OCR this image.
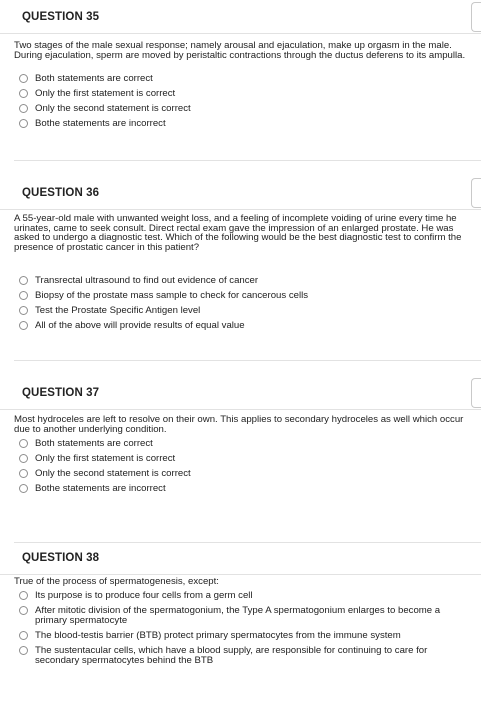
QUESTION 35
Two stages of the male sexual response; namely arousal and ejaculation, make up orgasm in the male. During ejaculation, sperm are moved by peristaltic contractions through the ductus deferens to its ampulla.
Both statements are correct
Only the first statement is correct
Only the second statement is correct
Bothe statements are incorrect
QUESTION 36
A 55-year-old male with unwanted weight loss, and a feeling of incomplete voiding of urine every time he urinates, came to seek consult. Direct rectal exam gave the impression of an enlarged prostate. He was asked to undergo a diagnostic test. Which of the following would be the best diagnostic test to confirm the presence of prostatic cancer in this patient?
Transrectal ultrasound to find out evidence of cancer
Biopsy of the prostate mass sample to check for cancerous cells
Test the Prostate Specific Antigen level
All of the above will provide results of equal value
QUESTION 37
Most hydroceles are left to resolve on their own. This applies to secondary hydroceles as well which occur due to another underlying condition.
Both statements are correct
Only the first statement is correct
Only the second statement is correct
Bothe statements are incorrect
QUESTION 38
True of the process of spermatogenesis, except:
Its purpose is to produce four cells from a germ cell
After mitotic division of the spermatogonium, the Type A spermatogonium enlarges to become a primary spermatocyte
The blood-testis barrier (BTB) protect primary spermatocytes from the immune system
The sustentacular cells, which have a blood supply, are responsible for continuing to care for secondary spermatocytes behind the BTB
